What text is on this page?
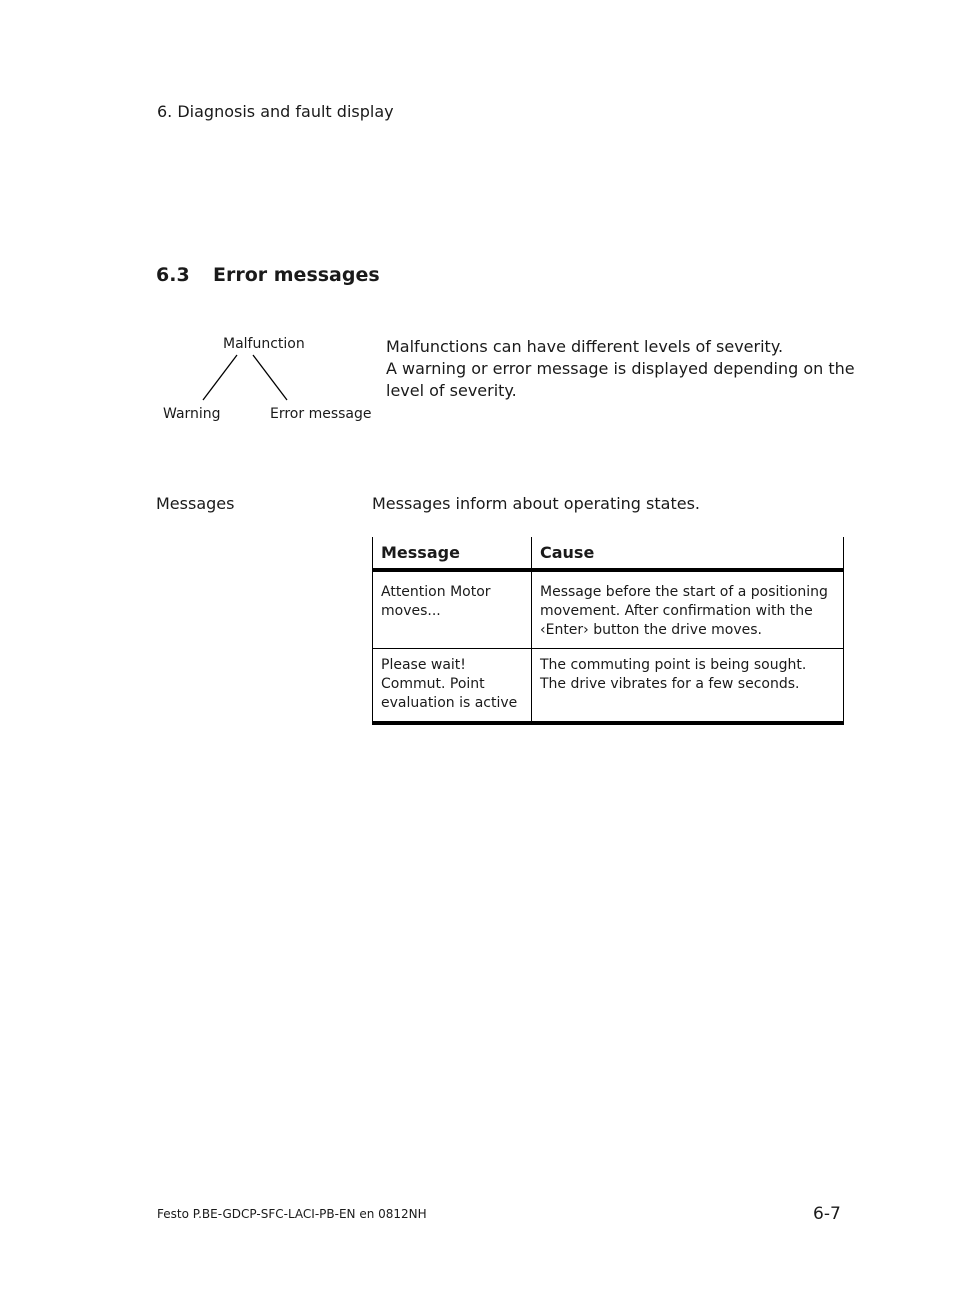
6. Diagnosis and fault display
6.3 Error messages
Malfunction
Warning	Error message
Malfunctions can have different levels of severity.
A warning or error message is displayed depending on the
level of severity.
Messages	Messages inform about operating states.
Message	Cause

Attention Motor
moves...	Message before the start of a positioning
movement. After confirmation with the
‹Enter› button the drive moves.

Please wait!
Commut. Point
evaluation is active	The commuting point is being sought.
The drive vibrates for a few seconds.
Festo P.BE-GDCP-SFC-LACI-PB-EN en 0812NH	6-7
